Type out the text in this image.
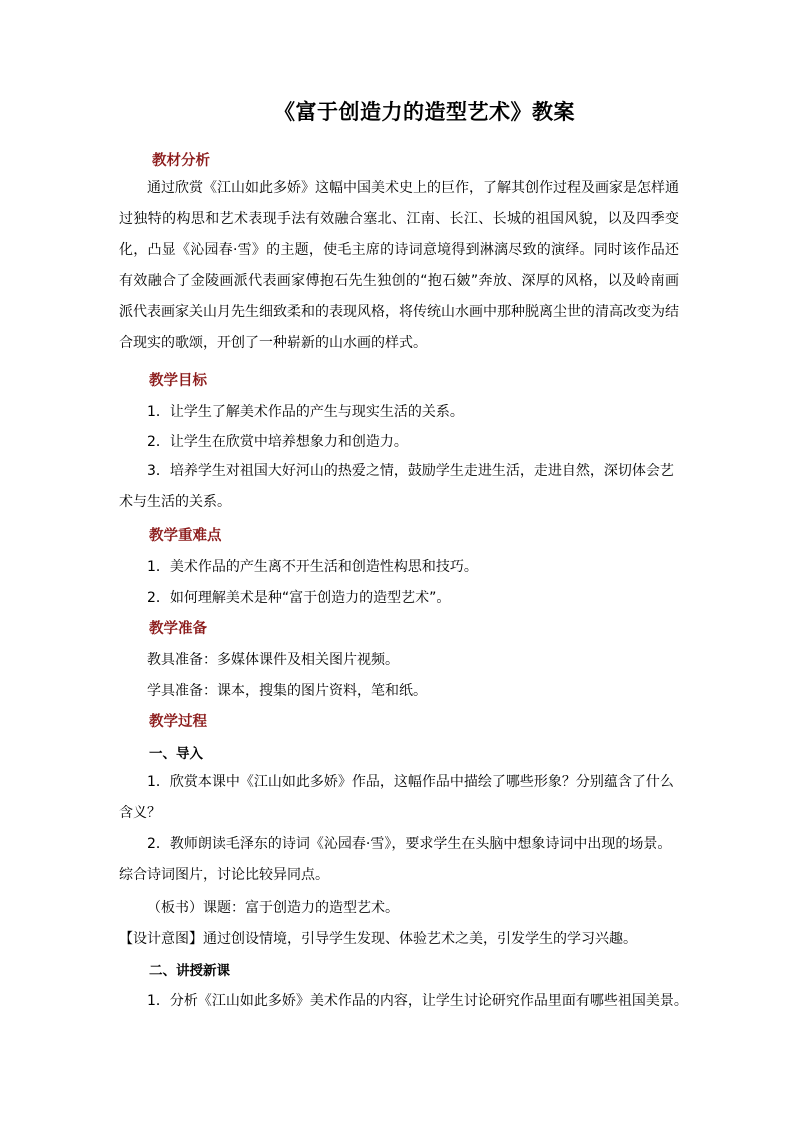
《富于创造力的造型艺术》教案
教材分析
通过欣赏《江山如此多娇》这幅中国美术史上的巨作，了解其创作过程及画家是怎样通过独特的构思和艺术表现手法有效融合塞北、江南、长江、长城的祖国风貌，以及四季变化，凸显《沁园春·雪》的主题，使毛主席的诗词意境得到淋漓尽致的演绎。同时该作品还有效融合了金陵画派代表画家傅抱石先生独创的“抱石皴”奔放、深厚的风格，以及岭南画派代表画家关山月先生细致柔和的表现风格，将传统山水画中那种脱离尘世的清高改变为结合现实的歌颂，开创了一种崭新的山水画的样式。
教学目标
1．让学生了解美术作品的产生与现实生活的关系。
2．让学生在欣赏中培养想象力和创造力。
3．培养学生对祖国大好河山的热爱之情，鼓励学生走进生活，走进自然，深切体会艺术与生活的关系。
教学重难点
1．美术作品的产生离不开生活和创造性构思和技巧。
2．如何理解美术是种“富于创造力的造型艺术”。
教学准备
教具准备：多媒体课件及相关图片视频。
学具准备：课本，搜集的图片资料，笔和纸。
教学过程
一、导入
1．欣赏本课中《江山如此多娇》作品，这幅作品中描绘了哪些形象？分别蕴含了什么含义？
2．教师朗读毛泽东的诗词《沁园春·雪》，要求学生在头脑中想象诗词中出现的场景。综合诗词图片，讨论比较异同点。
（板书）课题：富于创造力的造型艺术。
【设计意图】通过创设情境，引导学生发现、体验艺术之美，引发学生的学习兴趣。
二、讲授新课
1．分析《江山如此多娇》美术作品的内容，让学生讨论研究作品里面有哪些祖国美景。
